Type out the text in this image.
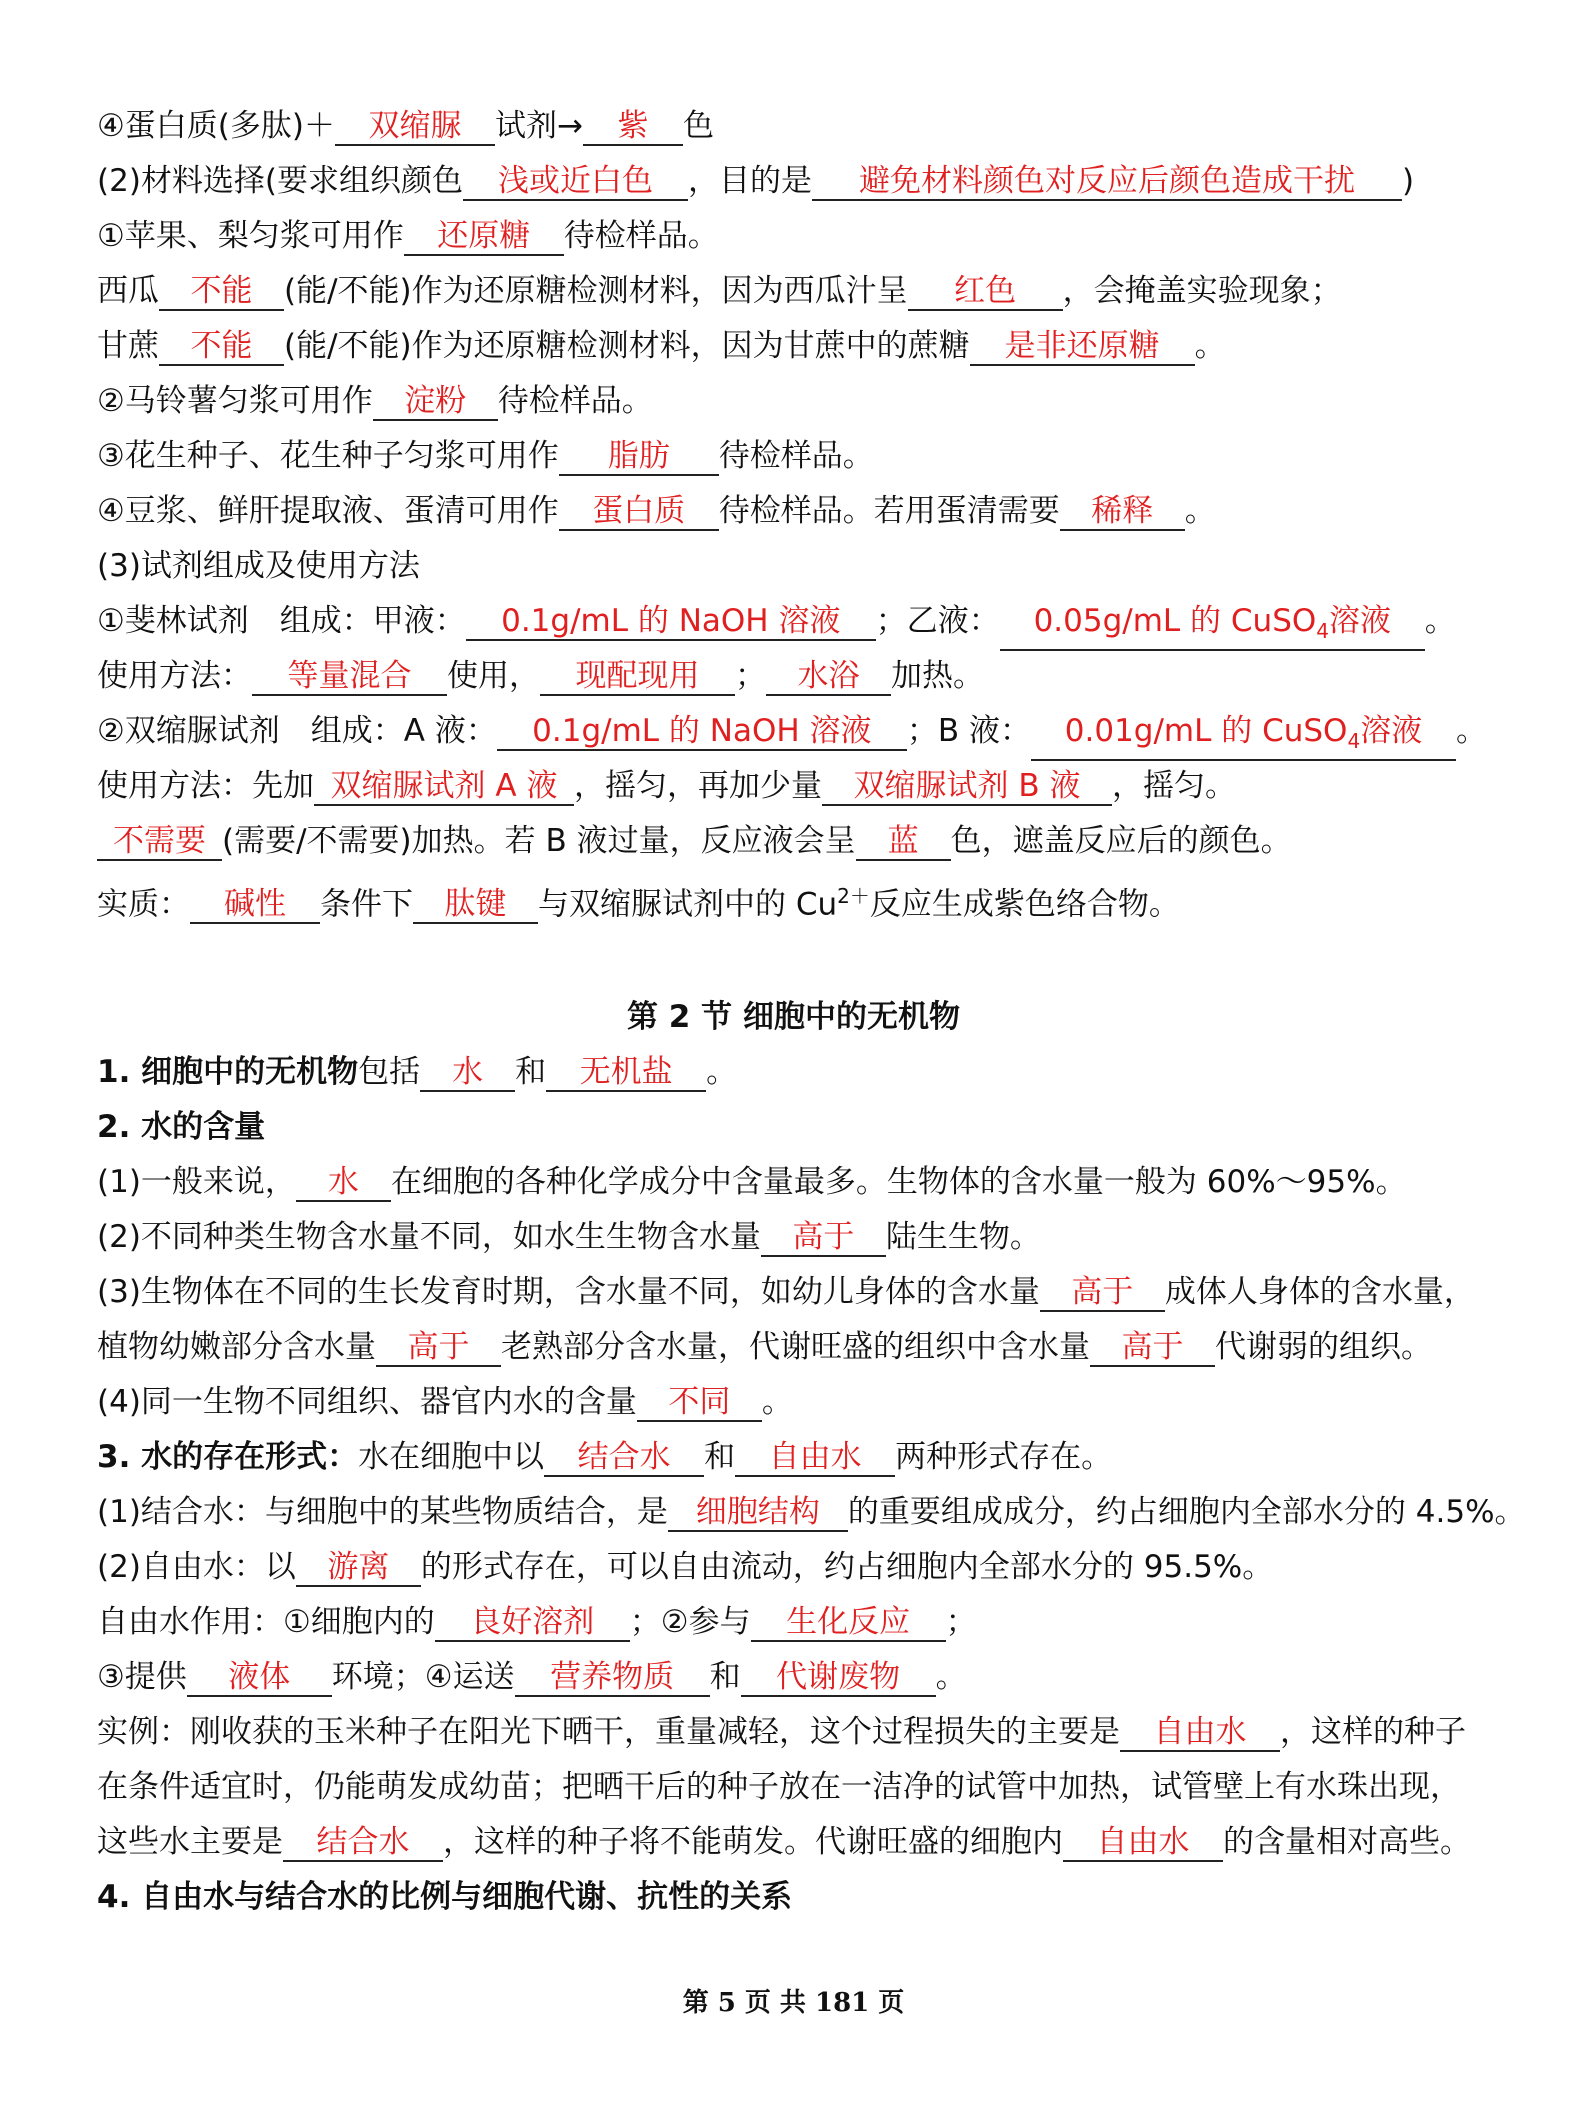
④蛋白质(多肽)＋ 双缩脲 试剂→ 紫 色
(2)材料选择(要求组织颜色 浅或近白色 ，目的是 避免材料颜色对反应后颜色造成干扰 )
①苹果、梨匀浆可用作 还原糖 待检样品。
西瓜 不能 (能/不能)作为还原糖检测材料，因为西瓜汁呈 红色 ，会掩盖实验现象；
甘蔗 不能 (能/不能)作为还原糖检测材料，因为甘蔗中的蔗糖 是非还原糖 。
②马铃薯匀浆可用作 淀粉 待检样品。
③花生种子、花生种子匀浆可用作 脂肪 待检样品。
④豆浆、鲜肝提取液、蛋清可用作 蛋白质 待检样品。若用蛋清需要 稀释 。
(3)试剂组成及使用方法
①斐林试剂　组成：甲液： 0.1g/mL 的 NaOH 溶液 ；乙液： 0.05g/mL 的 CuSO$_4$溶液 。
使用方法： 等量混合 使用， 现配现用 ； 水浴 加热。
②双缩脲试剂　组成：A 液： 0.1g/mL 的 NaOH 溶液 ；B 液： 0.01g/mL 的 CuSO$_4$溶液 。
使用方法：先加 双缩脲试剂 A 液 ，摇匀，再加少量 双缩脲试剂 B 液 ，摇匀。
不需要 (需要/不需要)加热。若 B 液过量，反应液会呈 蓝 色，遮盖反应后的颜色。
实质： 碱性 条件下 肽键 与双缩脲试剂中的 $Cu^{2+}$反应生成紫色络合物。
第 2 节 细胞中的无机物
1. 细胞中的无机物包括 水 和 无机盐 。
2. 水的含量
(1)一般来说， 水 在细胞的各种化学成分中含量最多。生物体的含水量一般为 60%～95%。
(2)不同种类生物含水量不同，如水生生物含水量 高于 陆生生物。
(3)生物体在不同的生长发育时期，含水量不同，如幼儿身体的含水量 高于 成体人身体的含水量，
植物幼嫩部分含水量 高于 老熟部分含水量，代谢旺盛的组织中含水量 高于 代谢弱的组织。
(4)同一生物不同组织、器官内水的含量 不同 。
3. 水的存在形式：水在细胞中以 结合水 和 自由水 两种形式存在。
(1)结合水：与细胞中的某些物质结合，是 细胞结构 的重要组成成分，约占细胞内全部水分的 4.5%。
(2)自由水：以 游离 的形式存在，可以自由流动，约占细胞内全部水分的 95.5%。
自由水作用：①细胞内的 良好溶剂 ；②参与 生化反应 ；
③提供 液体 环境；④运送 营养物质 和 代谢废物 。
实例：刚收获的玉米种子在阳光下晒干，重量减轻，这个过程损失的主要是 自由水 ，这样的种子
在条件适宜时，仍能萌发成幼苗；把晒干后的种子放在一洁净的试管中加热，试管壁上有水珠出现，
这些水主要是 结合水 ，这样的种子将不能萌发。代谢旺盛的细胞内 自由水 的含量相对高些。
4. 自由水与结合水的比例与细胞代谢、抗性的关系
第 5 页 共 181 页
